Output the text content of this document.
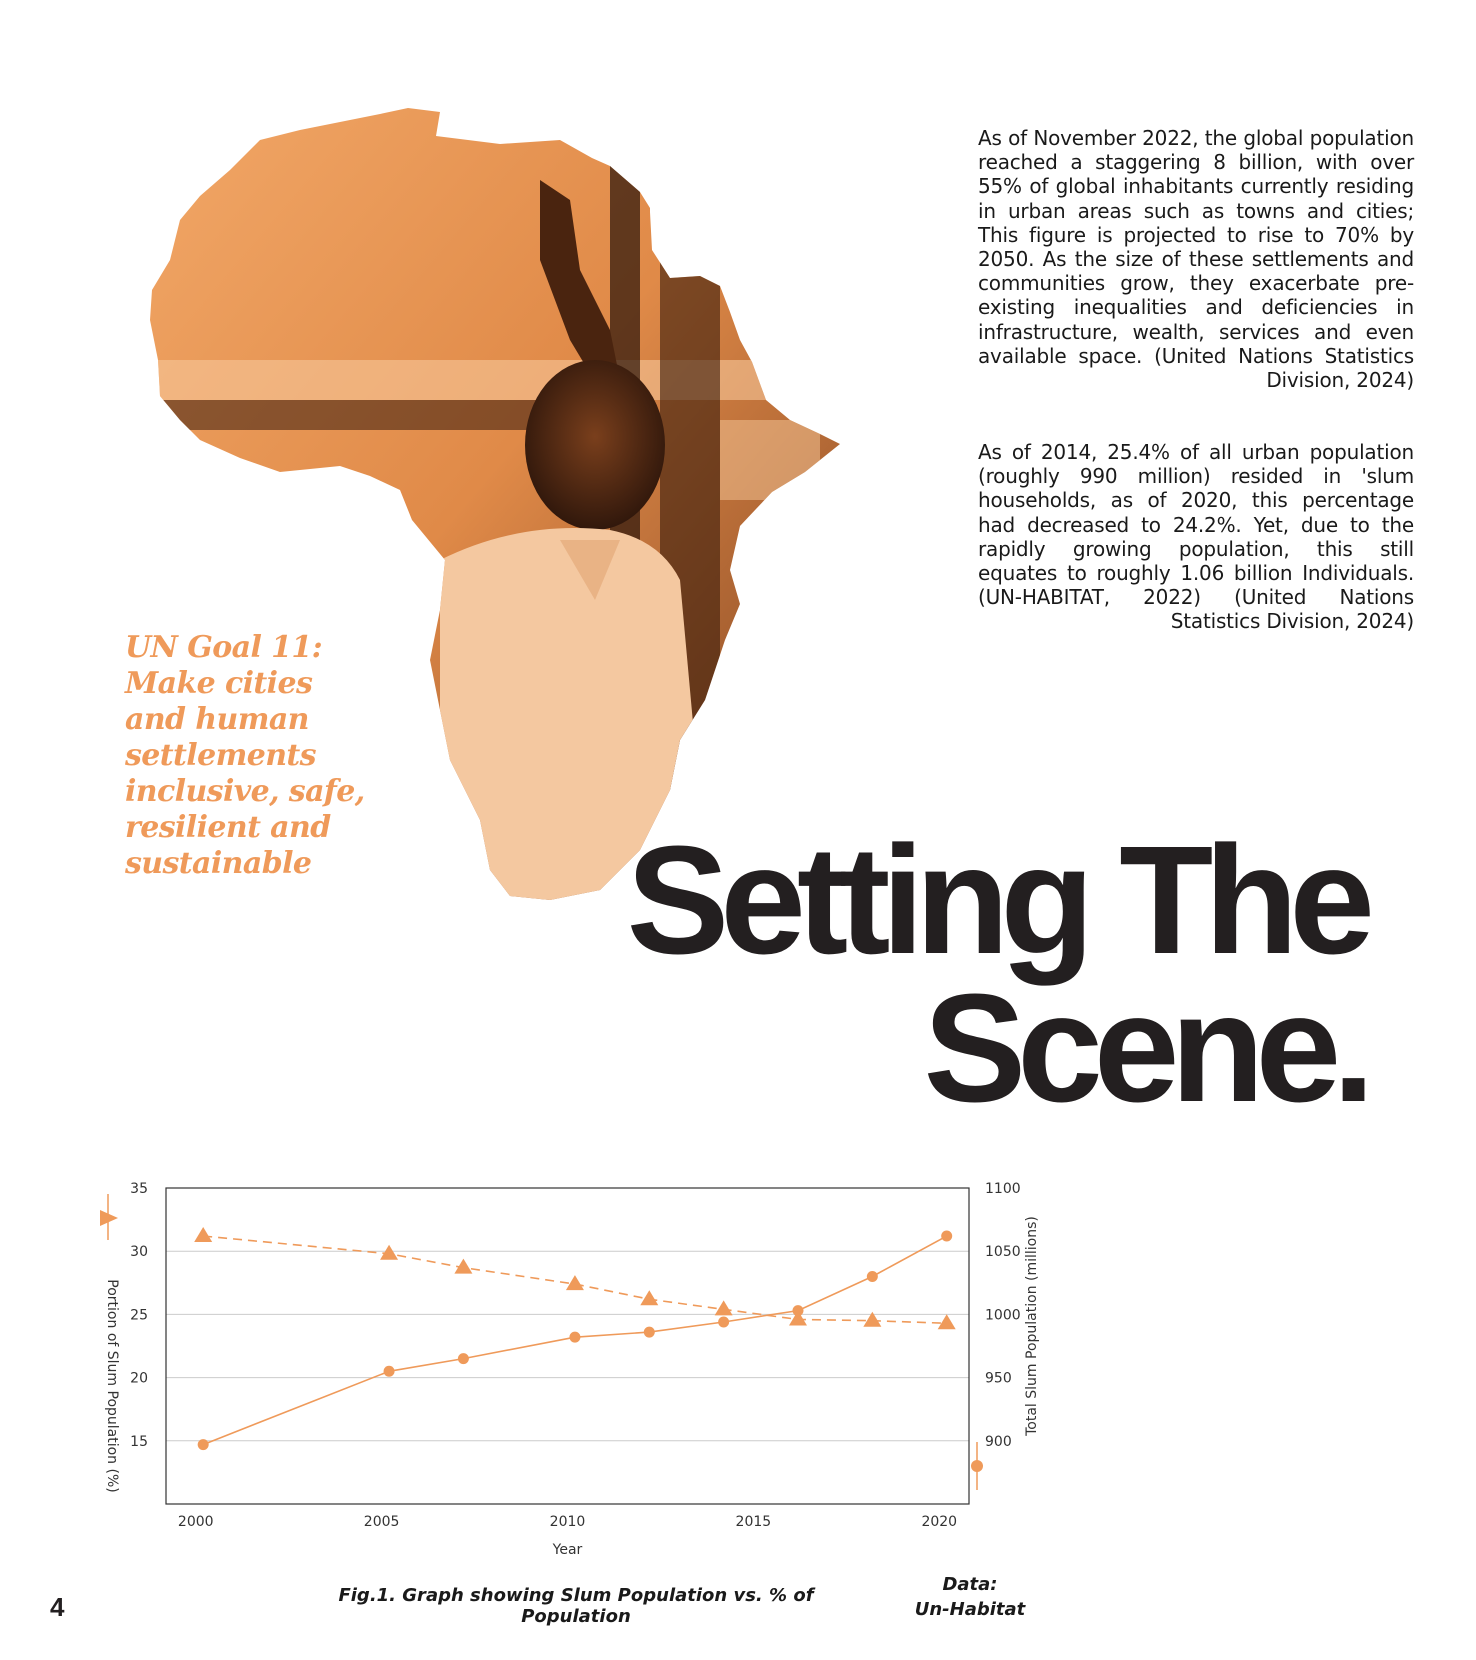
As of November 2022, the global population reached a staggering 8 billion, with over 55% of global inhabitants currently residing in urban areas such as towns and cities; This figure is projected to rise to 70% by 2050. As the size of these settlements and communities grow, they exacerbate pre-existing inequalities and deficiencies in infrastructure, wealth, services and even available space. (United Nations Statistics Division, 2024)

As of 2014, 25.4% of all urban population (roughly 990 million) resided in 'slum households, as of 2020, this percentage had decreased to 24.2%. Yet, due to the rapidly growing population, this still equates to roughly 1.06 billion Individuals. (UN-HABITAT, 2022) (United Nations Statistics Division, 2024)

UN Goal 11:
Make cities
and human
settlements
inclusive, safe,
resilient and
sustainable	Setting The
Scene.
15
20
25
30
35
900
950
1000
1050
1100
2000	2005	2010	2015	2020
Year
Portion of Slum Population (%)	Total Slum Population (millions)
Fig.1. Graph showing Slum Population vs. % of Population
Data:
Un-Habitat
4
